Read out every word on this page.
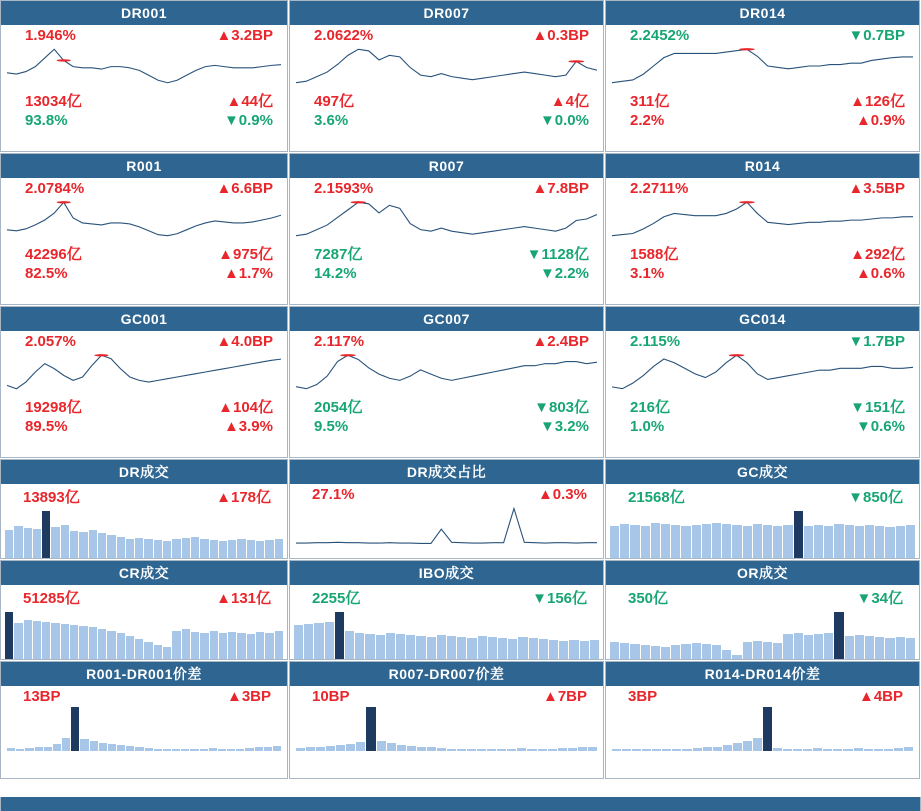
DR001
1.946%	▲3.2BP
13034亿	▲44亿
93.8%	▼0.9%
DR007
2.0622%	▲0.3BP
497亿	▲4亿
3.6%	▼0.0%
DR014
2.2452%	▼0.7BP
311亿	▲126亿
2.2%	▲0.9%
R001
2.0784%	▲6.6BP
42296亿	▲975亿
82.5%	▲1.7%
R007
2.1593%	▲7.8BP
7287亿	▼1128亿
14.2%	▼2.2%
R014
2.2711%	▲3.5BP
1588亿	▲292亿
3.1%	▲0.6%
GC001
2.057%	▲4.0BP
19298亿	▲104亿
89.5%	▲3.9%
GC007
2.117%	▲2.4BP
2054亿	▼803亿
9.5%	▼3.2%
GC014
2.115%	▼1.7BP
216亿	▼151亿
1.0%	▼0.6%
DR成交
13893亿	▲178亿
DR成交占比
27.1%	▲0.3%
GC成交
21568亿	▼850亿
CR成交
51285亿	▲131亿
IBO成交
2255亿	▼156亿
OR成交
350亿	▼34亿
R001-DR001价差
13BP	▲3BP
R007-DR007价差
10BP	▲7BP
R014-DR014价差
3BP	▲4BP
